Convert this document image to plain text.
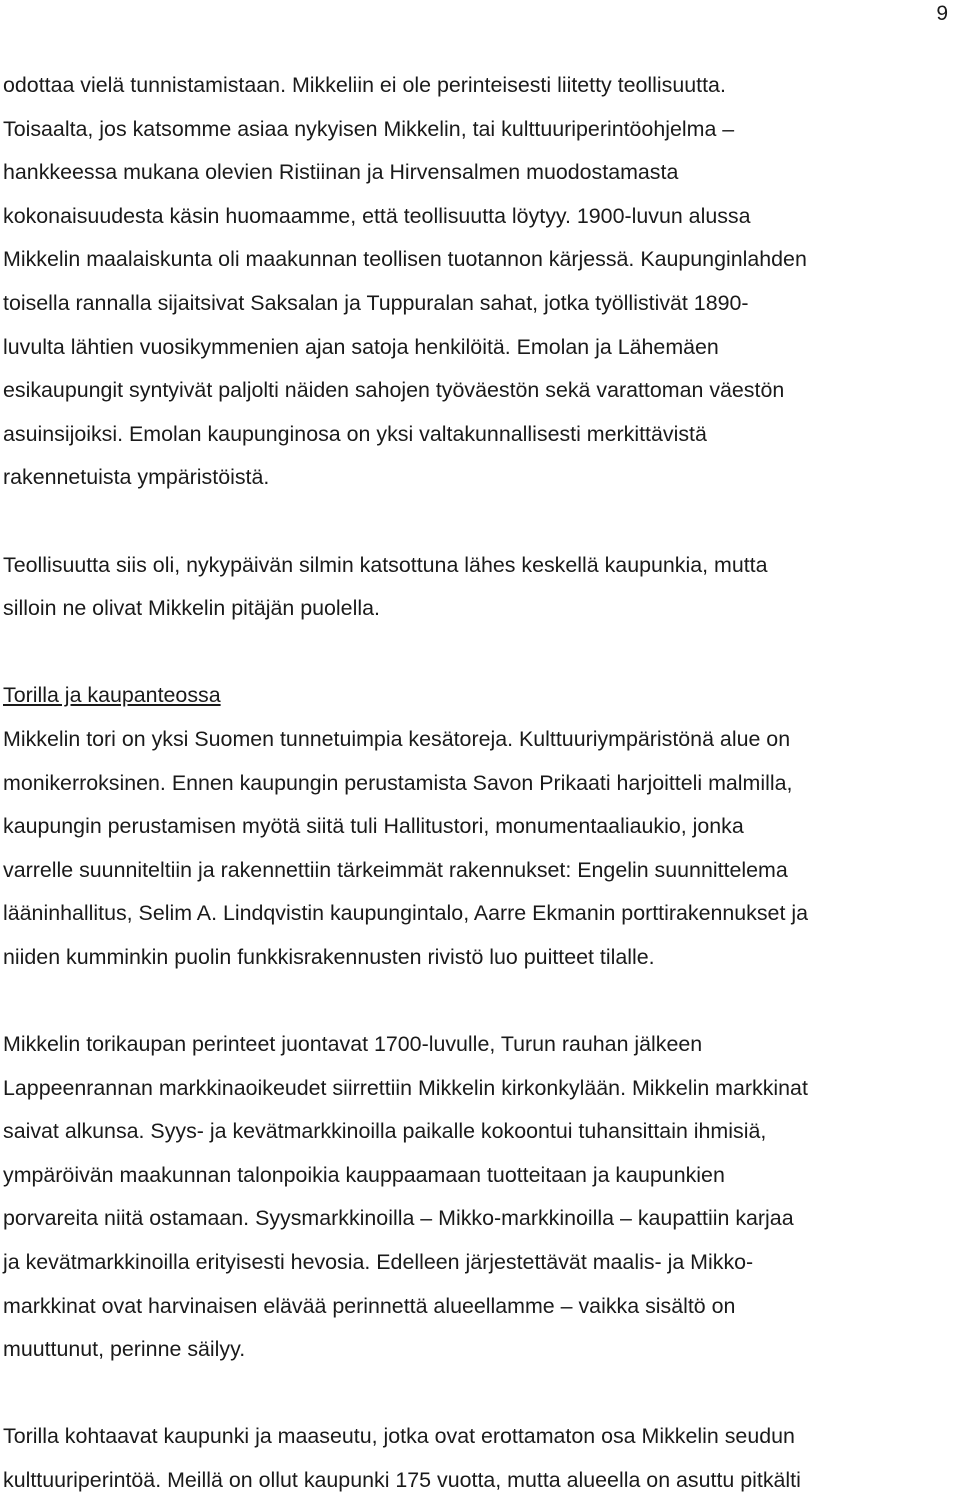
9
odottaa vielä tunnistamistaan. Mikkeliin ei ole perinteisesti liitetty teollisuutta.
Toisaalta, jos katsomme asiaa nykyisen Mikkelin, tai kulttuuriperintöohjelma –
hankkeessa mukana olevien Ristiinan ja Hirvensalmen muodostamasta
kokonaisuudesta käsin huomaamme, että teollisuutta löytyy. 1900-luvun alussa
Mikkelin maalaiskunta oli maakunnan teollisen tuotannon kärjessä. Kaupunginlahden
toisella rannalla sijaitsivat Saksalan ja Tuppuralan sahat, jotka työllistivät 1890-
luvulta lähtien vuosikymmenien ajan satoja henkilöitä. Emolan ja Lähemäen
esikaupungit syntyivät paljolti näiden sahojen työväestön sekä varattoman väestön
asuinsijoiksi. Emolan kaupunginosa on yksi valtakunnallisesti merkittävistä
rakennetuista ympäristöistä.
Teollisuutta siis oli, nykypäivän silmin katsottuna lähes keskellä kaupunkia, mutta
silloin ne olivat Mikkelin pitäjän puolella.
Torilla ja kaupanteossa
Mikkelin tori on yksi Suomen tunnetuimpia kesätoreja. Kulttuuriympäristönä alue on
monikerroksinen. Ennen kaupungin perustamista Savon Prikaati harjoitteli malmilla,
kaupungin perustamisen myötä siitä tuli Hallitustori, monumentaaliaukio, jonka
varrelle suunniteltiin ja rakennettiin tärkeimmät rakennukset: Engelin suunnittelema
lääninhallitus, Selim A. Lindqvistin kaupungintalo, Aarre Ekmanin porttirakennukset ja
niiden kumminkin puolin funkkisrakennusten rivistö luo puitteet tilalle.
Mikkelin torikaupan perinteet juontavat 1700-luvulle, Turun rauhan jälkeen
Lappeenrannan markkinaoikeudet siirrettiin Mikkelin kirkonkylään. Mikkelin markkinat
saivat alkunsa. Syys- ja kevätmarkkinoilla paikalle kokoontui tuhansittain ihmisiä,
ympäröivän maakunnan talonpoikia kauppaamaan tuotteitaan ja kaupunkien
porvareita niitä ostamaan. Syysmarkkinoilla – Mikko-markkinoilla – kaupattiin karjaa
ja kevätmarkkinoilla erityisesti hevosia. Edelleen järjestettävät maalis- ja Mikko-
markkinat ovat harvinaisen elävää perinnettä alueellamme – vaikka sisältö on
muuttunut, perinne säilyy.
Torilla kohtaavat kaupunki ja maaseutu, jotka ovat erottamaton osa Mikkelin seudun
kulttuuriperintöä. Meillä on ollut kaupunki 175 vuotta, mutta alueella on asuttu pitkälti
